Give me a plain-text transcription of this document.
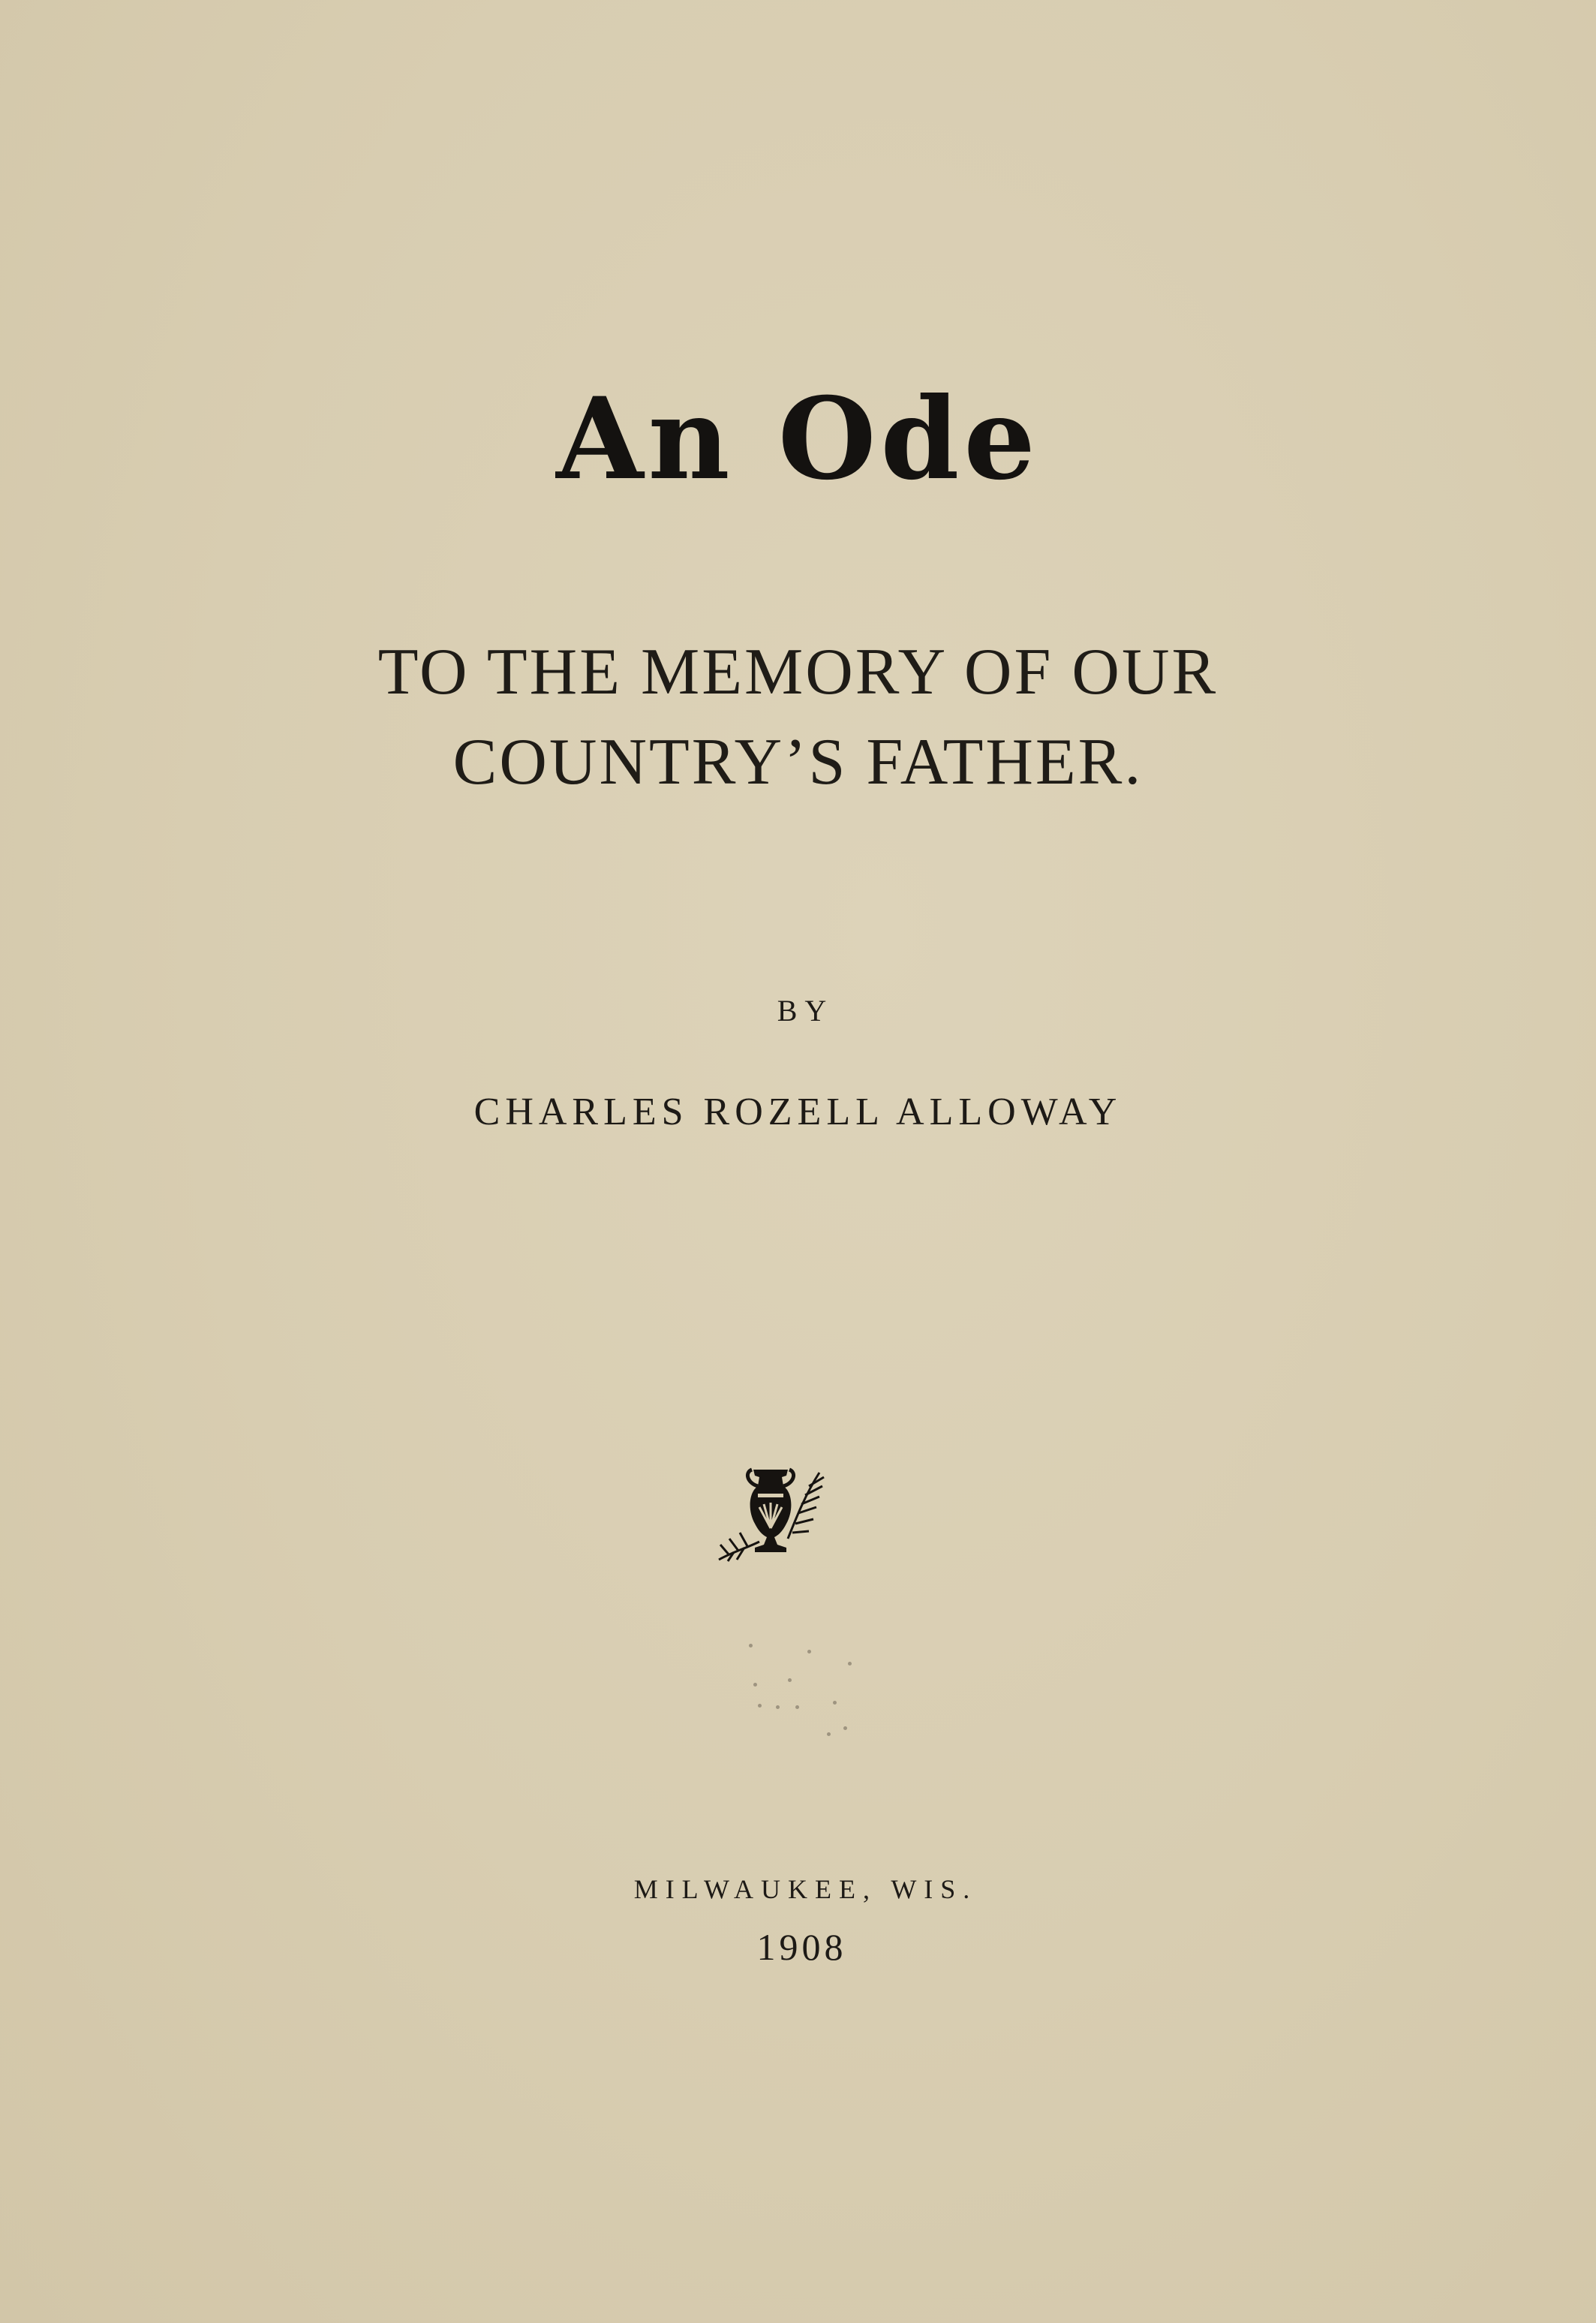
An Ode
TO THE MEMORY OF OUR
COUNTRY’S FATHER.
BY
CHARLES ROZELL ALLOWAY
MILWAUKEE, WIS.
1908
